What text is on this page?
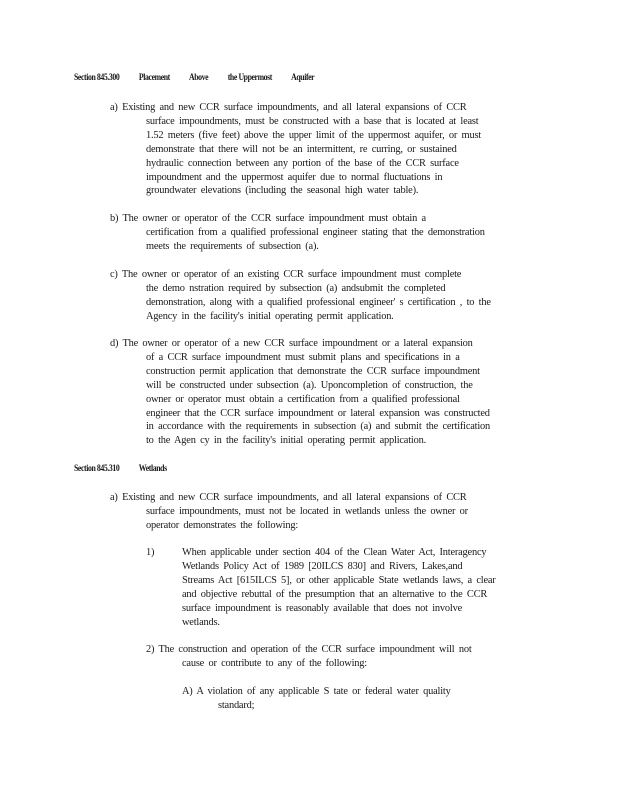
Section 845.300 Placement Above the Uppermost Aquifer
a) Existing and new CCR surface impoundments, and all lateral expansions of CCR
surface impoundments, must be constructed with a base that is located at least
1.52 meters (five feet) above the upper limit of the uppermost aquifer, or must
demonstrate that there will not be an intermittent, re curring, or sustained
hydraulic connection between any portion of the base of the CCR surface
impoundment and the uppermost aquifer due to normal fluctuations in
groundwater elevations (including the seasonal high water table).
b) The owner or operator of the CCR surface impoundment must obtain a
certification from a qualified professional engineer stating that the demonstration
meets the requirements of subsection (a).
c) The owner or operator of an existing CCR surface impoundment must complete
the demo nstration required by subsection (a) andsubmit the completed
demonstration, along with a qualified professional engineer' s certification , to the
Agency in the facility's initial operating permit application.
d) The owner or operator of a new CCR surface impoundment or a lateral expansion
of a CCR surface impoundment must submit plans and specifications in a
construction permit application that demonstrate the CCR surface impoundment
will be constructed under subsection (a). Uponcompletion of construction, the
owner or operator must obtain a certification from a qualified professional
engineer that the CCR surface impoundment or lateral expansion was constructed
in accordance with the requirements in subsection (a) and submit the certification
to the Agen cy in the facility's initial operating permit application.
Section 845.310 Wetlands
a) Existing and new CCR surface impoundments, and all lateral expansions of CCR
surface impoundments, must not be located in wetlands unless the owner or
operator demonstrates the following:
1)	When applicable under section 404 of the Clean Water Act, Interagency
Wetlands Policy Act of 1989 [20ILCS 830] and Rivers, Lakes,and
Streams Act [615ILCS 5], or other applicable State wetlands laws, a clear
and objective rebuttal of the presumption that an alternative to the CCR
surface impoundment is reasonably available that does not involve
wetlands.
2) The construction and operation of the CCR surface impoundment will not
cause or contribute to any of the following:
A) A violation of any applicable S tate or federal water quality
standard;
